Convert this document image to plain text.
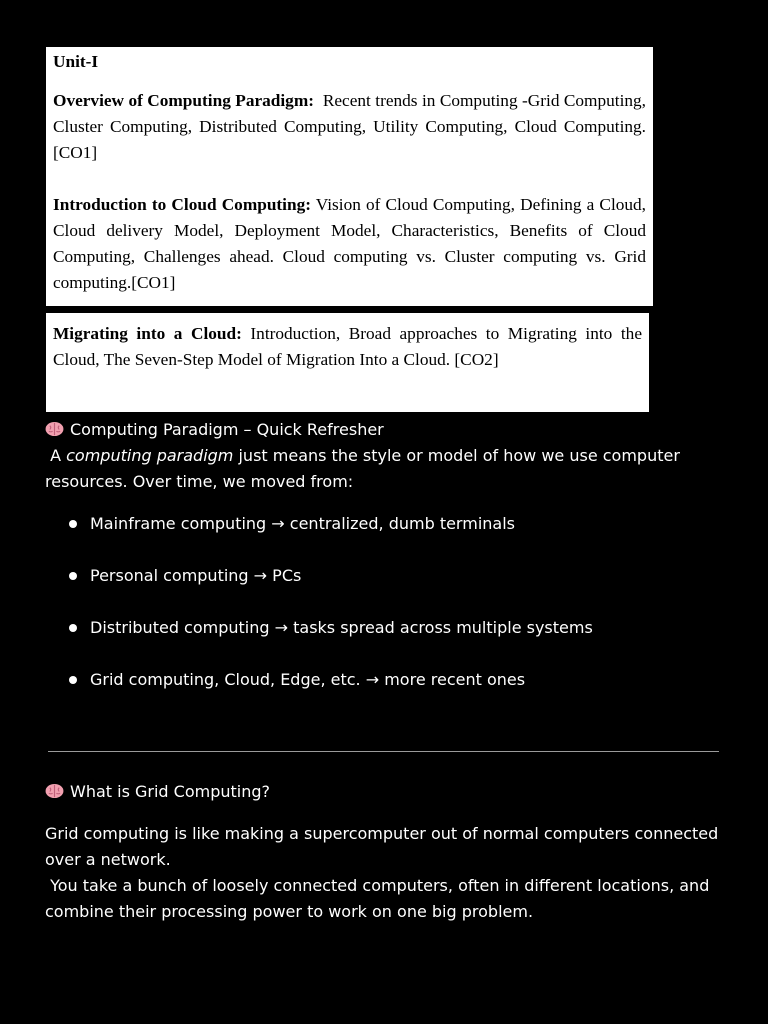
Unit-I

Overview of Computing Paradigm:  Recent trends in Computing -Grid Computing, Cluster Computing, Distributed Computing, Utility Computing, Cloud Computing.   [CO1]

Introduction to Cloud Computing: Vision of Cloud Computing, Defining a Cloud, Cloud delivery Model, Deployment Model, Characteristics, Benefits of Cloud Computing, Challenges ahead. Cloud computing vs. Cluster computing vs. Grid computing.[CO1]

Migrating into a Cloud: Introduction, Broad approaches to Migrating into the Cloud, The Seven-Step Model of Migration Into a Cloud. [CO2]

Computing Paradigm – Quick Refresher
A computing paradigm just means the style or model of how we use computer resources. Over time, we moved from:
Mainframe computing → centralized, dumb terminals
Personal computing → PCs
Distributed computing → tasks spread across multiple systems
Grid computing, Cloud, Edge, etc. → more recent ones
What is Grid Computing?

Grid computing is like making a supercomputer out of normal computers connected over a network.

You take a bunch of loosely connected computers, often in different locations, and combine their processing power to work on one big problem.
